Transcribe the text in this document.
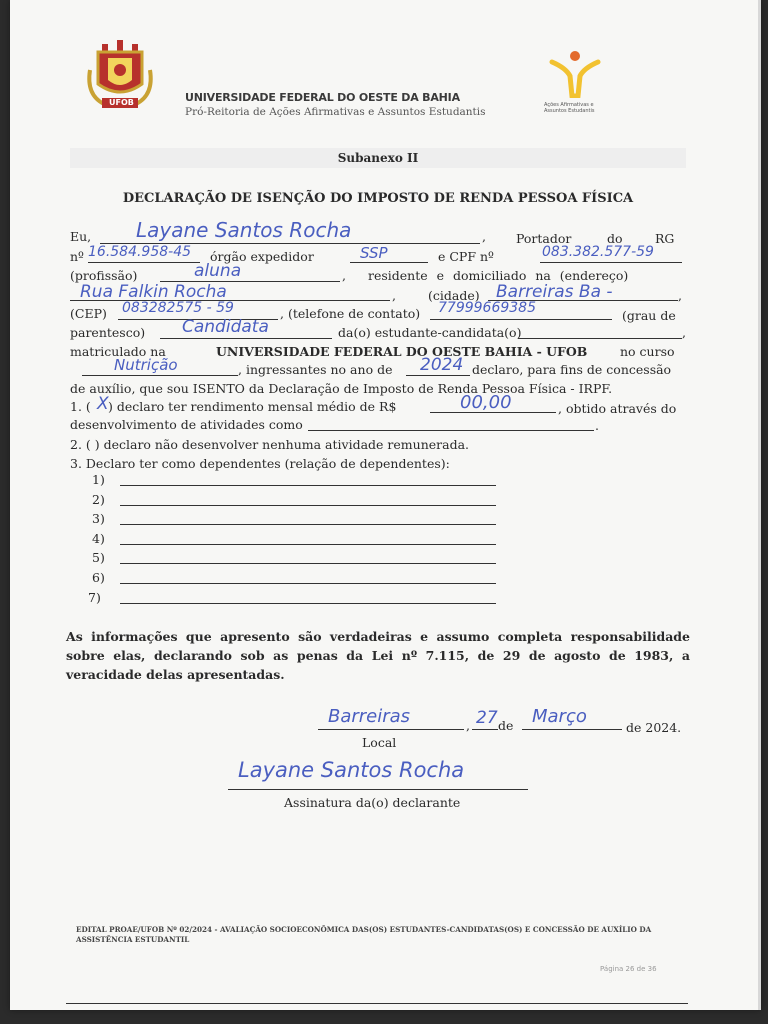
UFOB	UNIVERSIDADE FEDERAL DO OESTE DA BAHIA
Pró-Reitoria de Ações Afirmativas e Assuntos Estudantis
Ações Afirmativas e Assuntos Estudantis
Subanexo II
DECLARAÇÃO DE ISENÇÃO DO IMPOSTO DE RENDA PESSOA FÍSICA
Eu, Layane Santos Rocha	, Portador	do	RG
nº 16.584.958-45 órgão expedidor	SSP	e CPF nº	083.382.577-59
(profissão)	aluna	, residente e domiciliado na (endereço)
Rua Falkin Rocha	,	(cidade) Barreiras Ba -	,
(CEP) 083282575 - 59	, (telefone de contato) 77999669385	(grau de
parentesco) Candidata	da(o) estudante-candidata(o)	,
matriculado na	UNIVERSIDADE FEDERAL DO OESTE BAHIA - UFOB	no curso
Nutrição	, ingressantes no ano de 2024 declaro, para fins de concessão
de auxílio, que sou ISENTO da Declaração de Imposto de Renda Pessoa Física - IRPF.
1. ( X ) declaro ter rendimento mensal médio de R$	00,00	, obtido através do
desenvolvimento de atividades como	.
2. ( ) declaro não desenvolver nenhuma atividade remunerada.
3. Declaro ter como dependentes (relação de dependentes):
1)
2)
3)
4)
5)
6)
7)
As informações que apresento são verdadeiras e assumo completa responsabilidade sobre elas, declarando sob as penas da Lei nº 7.115, de 29 de agosto de 1983, a veracidade delas apresentadas.
Barreiras	, 27 de Março
de 2024.
Local
Layane Santos Rocha
Assinatura da(o) declarante
EDITAL PROAE/UFOB Nº 02/2024 - AVALIAÇÃO SOCIOECONÔMICA DAS(OS) ESTUDANTES-CANDIDATAS(OS) E CONCESSÃO DE AUXÍLIO DA ASSISTÊNCIA ESTUDANTIL
Página 26 de 36
